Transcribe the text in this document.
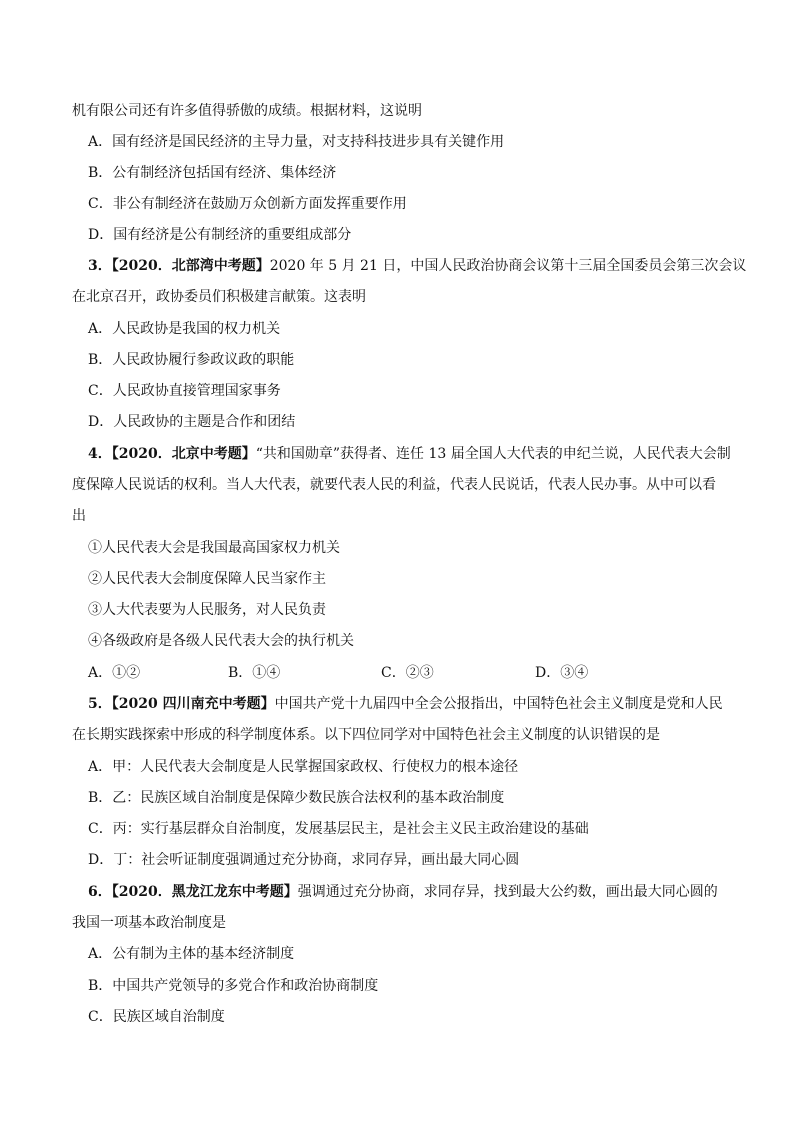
机有限公司还有许多值得骄傲的成绩。根据材料，这说明
A．国有经济是国民经济的主导力量，对支持科技进步具有关键作用
B．公有制经济包括国有经济、集体经济
C．非公有制经济在鼓励万众创新方面发挥重要作用
D．国有经济是公有制经济的重要组成部分
3．【2020．北部湾中考题】2020 年 5 月 21 日，中国人民政治协商会议第十三届全国委员会第三次会议
在北京召开，政协委员们积极建言献策。这表明
A．人民政协是我国的权力机关
B．人民政协履行参政议政的职能
C．人民政协直接管理国家事务
D．人民政协的主题是合作和团结
4．【2020．北京中考题】“共和国勋章”获得者、连任 13 届全国人大代表的申纪兰说，人民代表大会制
度保障人民说话的权利。当人大代表，就要代表人民的利益，代表人民说话，代表人民办事。从中可以看
出
①人民代表大会是我国最高国家权力机关
②人民代表大会制度保障人民当家作主
③人大代表要为人民服务，对人民负责
④各级政府是各级人民代表大会的执行机关
A．①②	B．①④	C．②③	D．③④
5．【2020 四川南充中考题】中国共产党十九届四中全会公报指出，中国特色社会主义制度是党和人民
在长期实践探索中形成的科学制度体系。以下四位同学对中国特色社会主义制度的认识错误的是
A．甲：人民代表大会制度是人民掌握国家政权、行使权力的根本途径
B．乙：民族区域自治制度是保障少数民族合法权利的基本政治制度
C．丙：实行基层群众自治制度，发展基层民主，是社会主义民主政治建设的基础
D．丁：社会听证制度强调通过充分协商，求同存异，画出最大同心圆
6．【2020．黑龙江龙东中考题】强调通过充分协商，求同存异，找到最大公约数，画出最大同心圆的
我国一项基本政治制度是
A．公有制为主体的基本经济制度
B．中国共产党领导的多党合作和政治协商制度
C．民族区域自治制度
